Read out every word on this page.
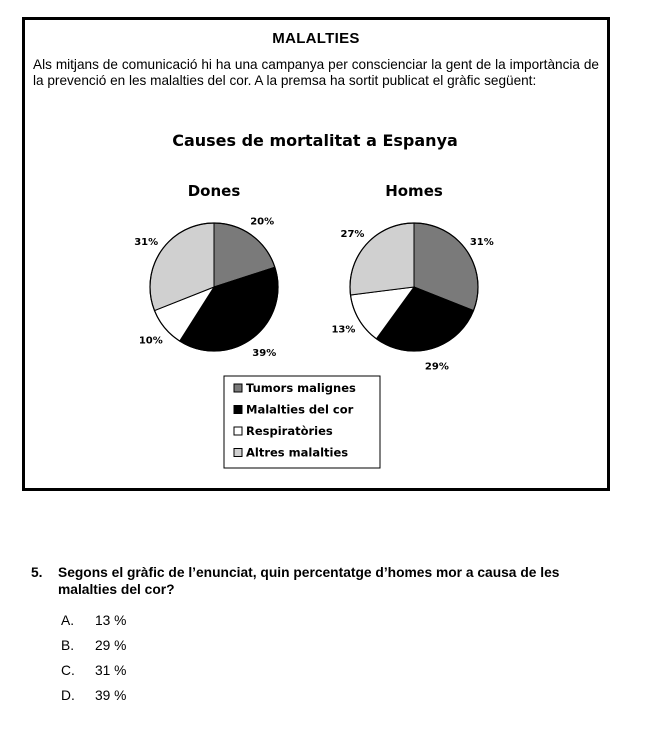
MALALTIES
Als mitjans de comunicació hi ha una campanya per conscienciar la gent de la importància de la prevenció en les malalties del cor. A la premsa ha sortit publicat el gràfic següent:
Causes de mortalitat a Espanya
Dones
20%
39%
10%
31%
Homes
31%
29%
13%
27%
Tumors malignes
Malalties del cor
Respiratòries
Altres malalties
5. Segons el gràfic de l’enunciat, quin percentatge d’homes mor a causa de les malalties del cor?
A. 13 %
B. 29 %
C. 31 %
D. 39 %
